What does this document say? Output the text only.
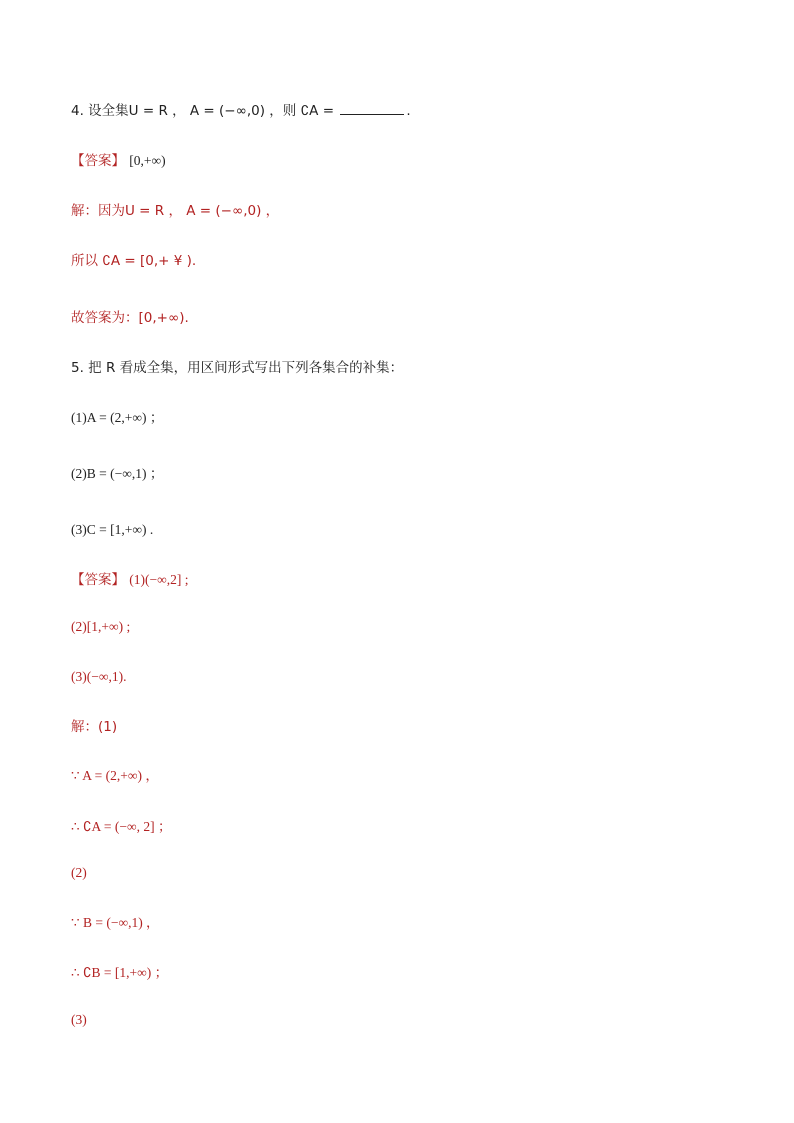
4. 设全集U = R ， A = (−∞,0) ，则 ∁A =	.
【答案】 [0,+∞)
解：因为U = R ， A = (−∞,0) ，
所以 ∁A = [0,+ ¥ ).
故答案为：[0,+∞).
5. 把 R 看成全集，用区间形式写出下列各集合的补集：
(1)A = (2,+∞) ；
(2)B = (−∞,1) ；
(3)C = [1,+∞) .
【答案】 (1)(−∞,2] ;
(2)[1,+∞) ;
(3)(−∞,1).
解：(1)
∵ A = (2,+∞) ，
∴ ∁A = (−∞, 2] ；
(2)
∵ B = (−∞,1) ，
∴ ∁B = [1,+∞) ；
(3)
